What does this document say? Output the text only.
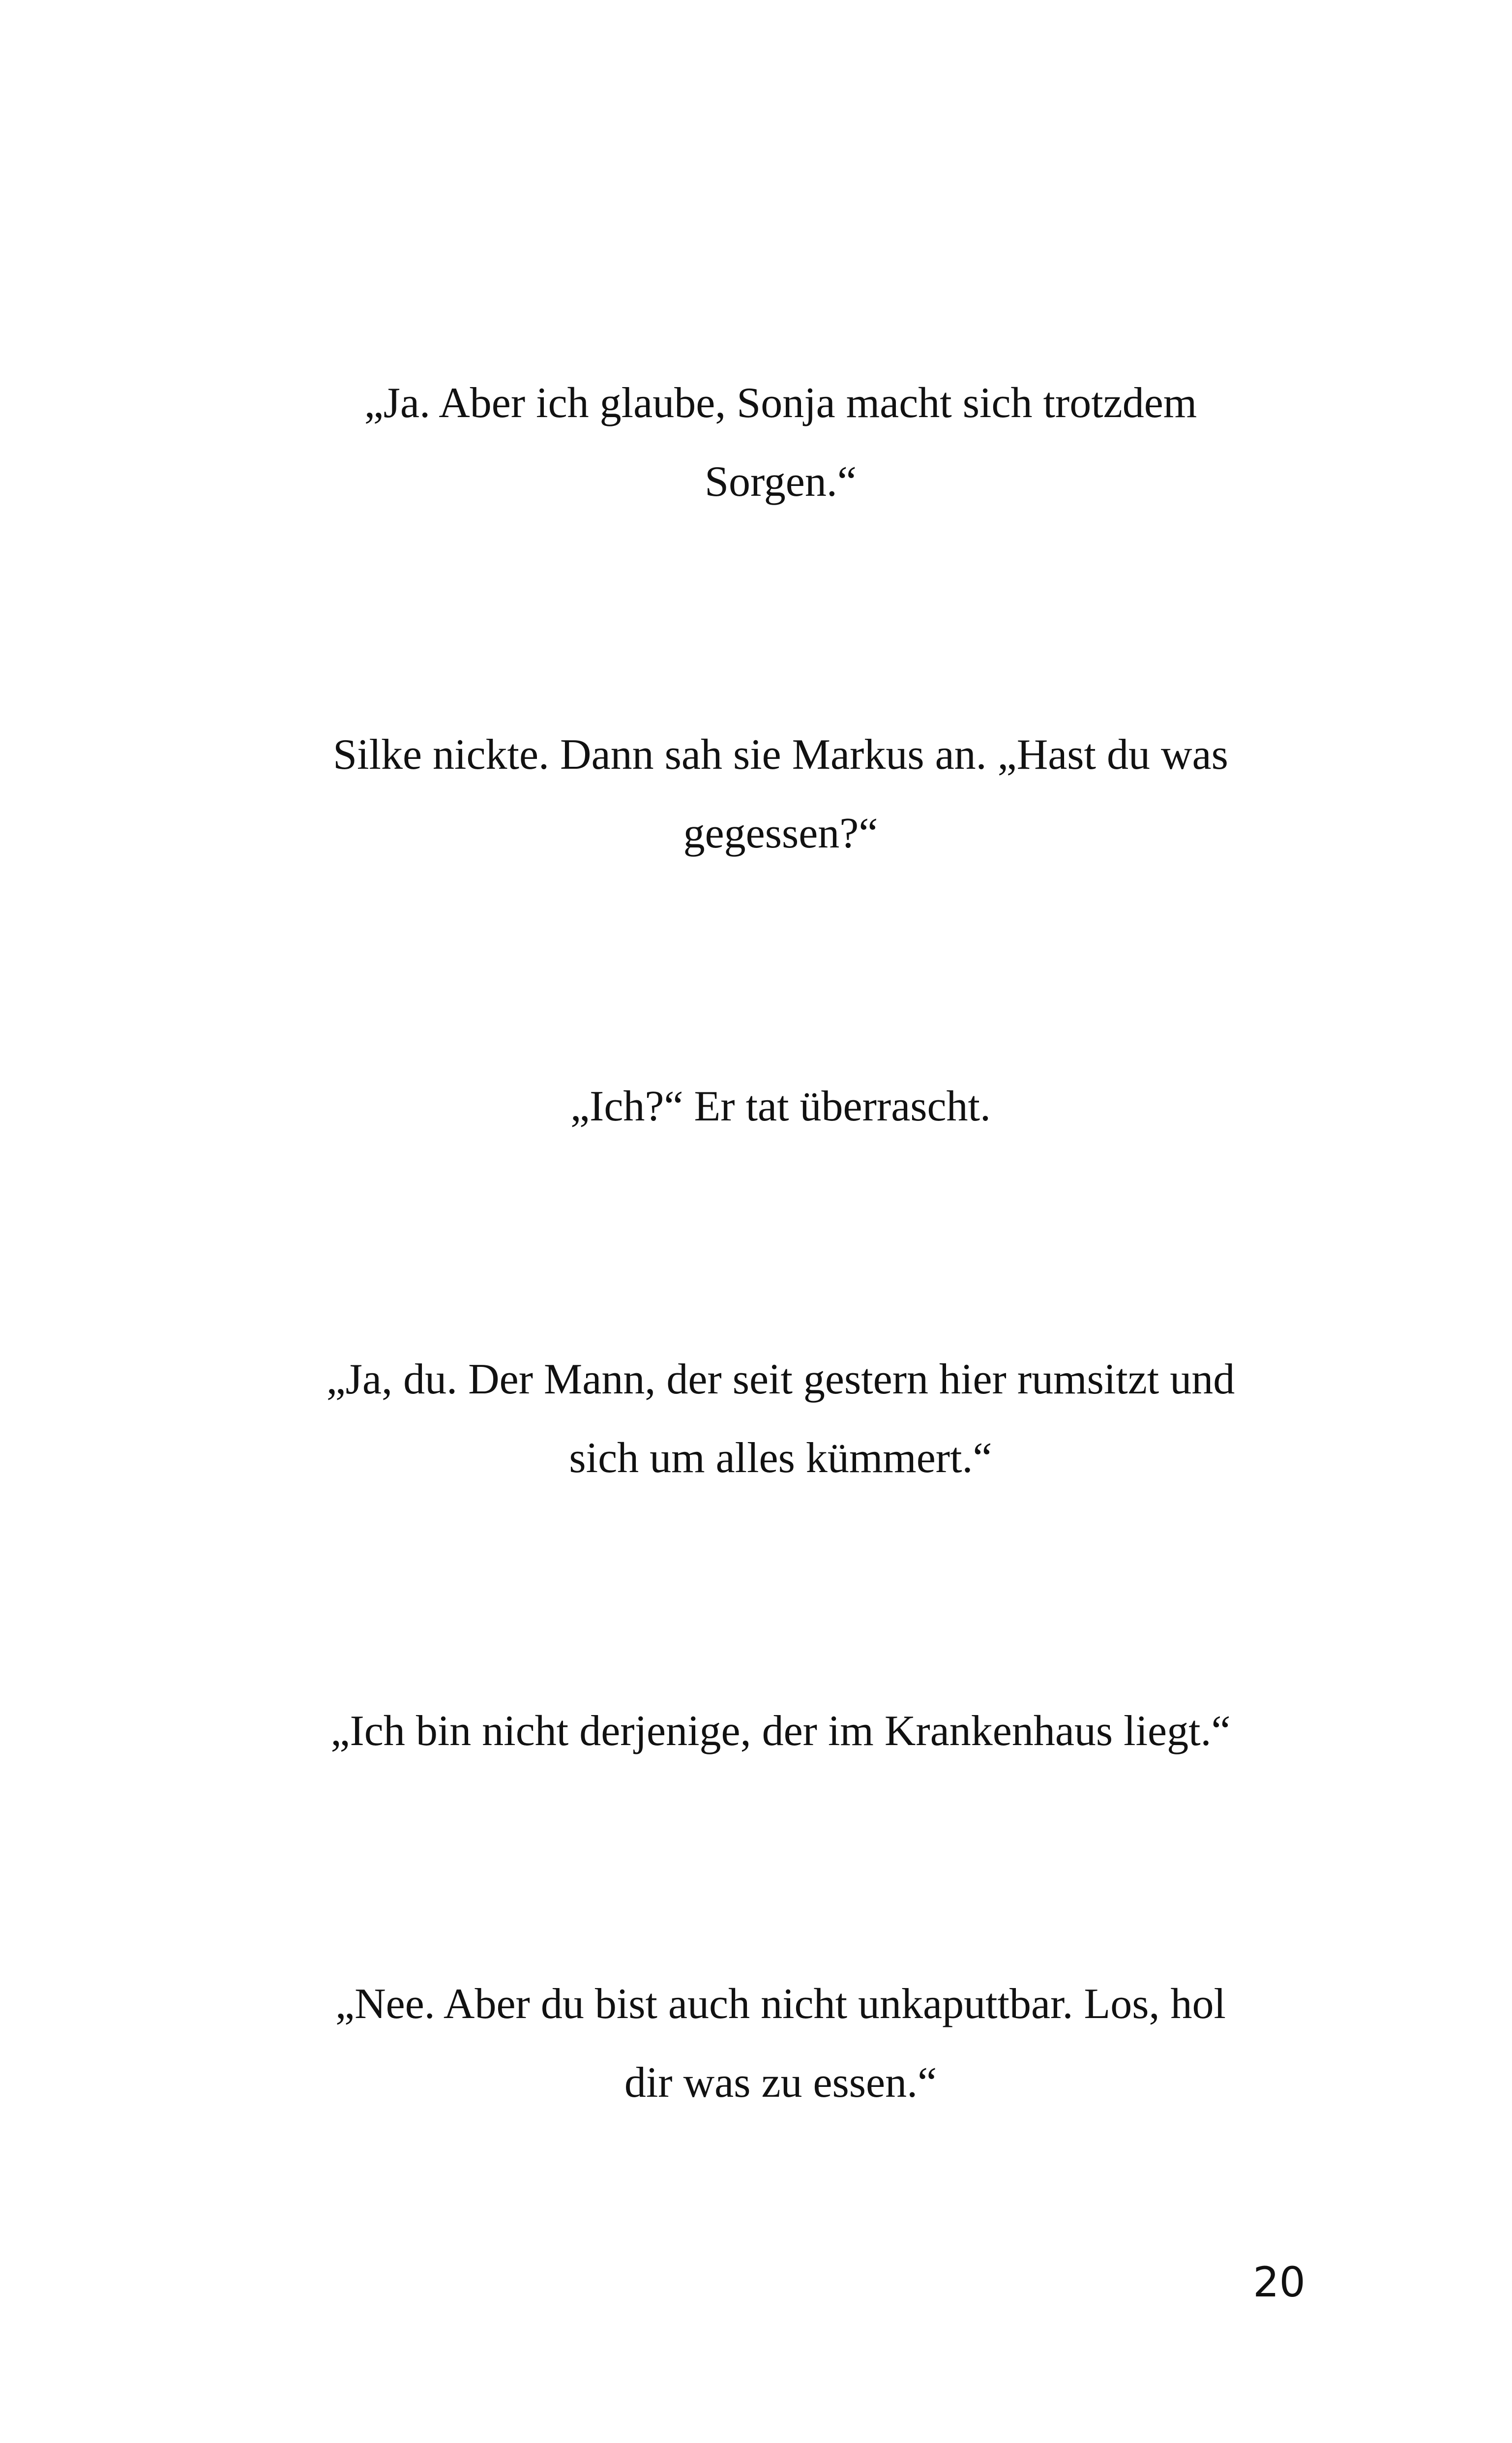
„Ja. Aber ich glaube, Sonja macht sich trotzdem
Sorgen.“

Silke nickte. Dann sah sie Markus an. „Hast du was
gegessen?“

„Ich?“ Er tat überrascht.

„Ja, du. Der Mann, der seit gestern hier rumsitzt und
sich um alles kümmert.“

„Ich bin nicht derjenige, der im Krankenhaus liegt.“

„Nee. Aber du bist auch nicht unkaputtbar. Los, hol
dir was zu essen.“

20
